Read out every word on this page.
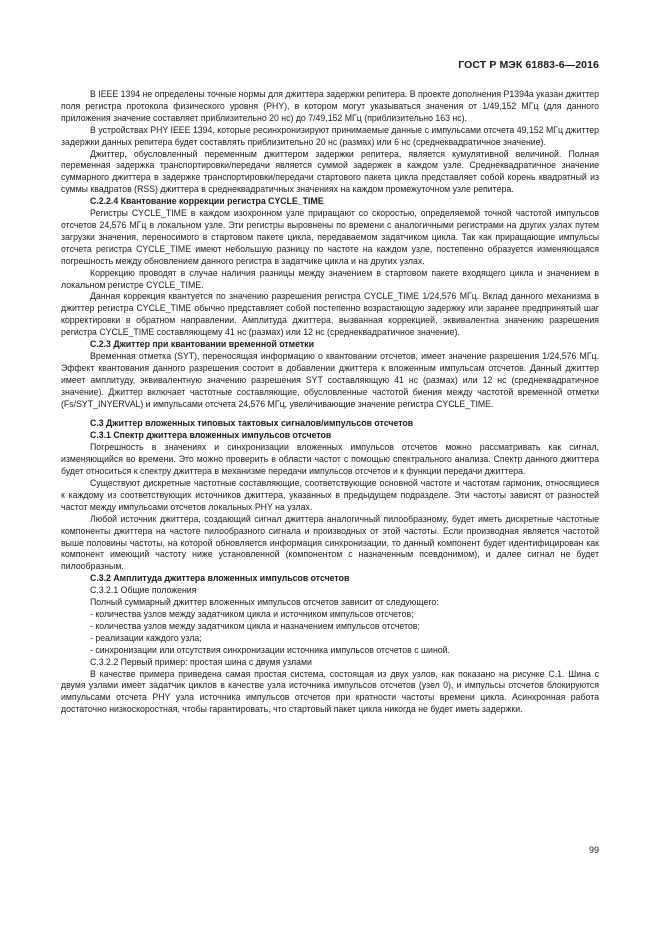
ГОСТ Р МЭК 61883-6—2016

В IEEE 1394 не определены точные нормы для джиттера задержки репитера. В проекте дополнения P1394a указан джиттер поля регистра протокола физического уровня (PHY), в котором могут указываться значения от 1/49,152 МГц (для данного приложения значение составляет приблизительно 20 нс) до 7/49,152 МГц (приблизительно 163 нс).

В устройствах PHY IEEE 1394, которые ресинхронизируют принимаемые данные с импульсами отсчета 49,152 МГц джиттер задержки данных репитера будет составлять приблизительно 20 нс (размах) или 6 нс (среднеквадратичное значение).

Джиттер, обусловленный переменным джиттером задержки репитера, является кумулятивной величиной. Полная переменная задержка транспортировки/передачи является суммой задержек в каждом узле. Среднеквадратичное значение суммарного джиттера в задержке транспортировки/передачи стартового пакета цикла представляет собой корень квадратный из суммы квадратов (RSS) джиттера в среднеквадратичных значениях на каждом промежуточном узле репитера.

C.2.2.4 Квантование коррекции регистра CYCLE_TIME

Регистры CYCLE_TIME в каждом изохронном узле приращают со скоростью, определяемой точной частотой импульсов отсчетов 24,576 МГц в локальном узле. Эти регистры выровнены по времени с аналогичными регистрами на других узлах путем загрузки значения, переносимого в стартовом пакете цикла, передаваемом задатчиком цикла. Так как приращающие импульсы отсчета регистра CYCLE_TIME имеют небольшую разницу по частоте на каждом узле, постепенно образуется изменяющаяся погрешность между обновлением данного регистра в задатчике цикла и на других узлах.

Коррекцию проводят в случае наличия разницы между значением в стартовом пакете входящего цикла и значением в локальном регистре CYCLE_TIME.

Данная коррекция квантуется по значению разрешения регистра CYCLE_TIME 1/24,576 МГц. Вклад данного механизма в джиттер регистра CYCLE_TIME обычно представляет собой постепенно возрастающую задержку или заранее предпринятый шаг корректировки в обратном направлении. Амплитуда джиттера, вызванная коррекцией, эквивалентна значению разрешения регистра CYCLE_TIME составляющему 41 нс (размах) или 12 нс (среднеквадратичное значение).

C.2.3 Джиттер при квантовании временной отметки

Временная отметка (SYT), переносящая информацию о квантовании отсчетов, имеет значение разрешения 1/24,576 МГц. Эффект квантования данного разрешения состоит в добавлении джиттера к вложенным импульсам отсчетов. Данный джиттер имеет амплитуду, эквивалентную значению разрешения SYT составляющую 41 нс (размах) или 12 нс (среднеквадратичное значение). Джиттер включает частотные составляющие, обусловленные частотой биения между частотой временной отметки (Fs/SYT_INYERVAL) и импульсами отсчета 24,576 МГц, увеличивающие значение регистра CYCLE_TIME.

C.3 Джиттер вложенных типовых тактовых сигналов/импульсов отсчетов

C.3.1 Спектр джиттера вложенных импульсов отсчетов

Погрешность в значениях и синхронизации вложенных импульсов отсчетов можно рассматривать как сигнал, изменяющийся во времени. Это можно проверить в области частот с помощью спектрального анализа. Спектр данного джиттера будет относиться к спектру джиттера в механизме передачи импульсов отсчетов и к функции передачи джиттера.

Существуют дискретные частотные составляющие, соответствующие основной частоте и частотам гармоник, относящиеся к каждому из соответствующих источников джиттера, указанных в предыдущем подразделе. Эти частоты зависят от разностей частот между импульсами отсчетов локальных PHY на узлах.

Любой источник джиттера, создающий сигнал джиттера аналогичный пилообразному, будет иметь дискретные частотные компоненты джиттера на частоте пилообразного сигнала и производных от этой частоты. Если производная является частотой выше половины частоты, на которой обновляется информация синхронизации, то данный компонент будет идентифицирован как компонент имеющий частоту ниже установленной (компонентом с назначенным псевдонимом), и далее сигнал не будет пилообразным.

C.3.2 Амплитуда джиттера вложенных импульсов отсчетов

C.3.2.1 Общие положения

Полный суммарный джиттер вложенных импульсов отсчетов зависит от следующего:

- количества узлов между задатчиком цикла и источником импульсов отсчетов;

- количества узлов между задатчиком цикла и назначением импульсов отсчетов;

- реализации каждого узла;

- синхронизации или отсутствия синхронизации источника импульсов отсчетов с шиной.

C.3.2.2 Первый пример: простая шина с двумя узлами

В качестве примера приведена самая простая система, состоящая из двух узлов, как показано на рисунке C.1. Шина с двумя узлами имеет задатчик циклов в качестве узла источника импульсов отсчетов (узел 0), и импульсы отсчетов блокируются импульсами отсчета PHY узла источника импульсов отсчетов при кратности частоты времени цикла. Асинхронная работа достаточно низкоскоростная, чтобы гарантировать, что стартовый пакет цикла никогда не будет иметь задержки.

99
